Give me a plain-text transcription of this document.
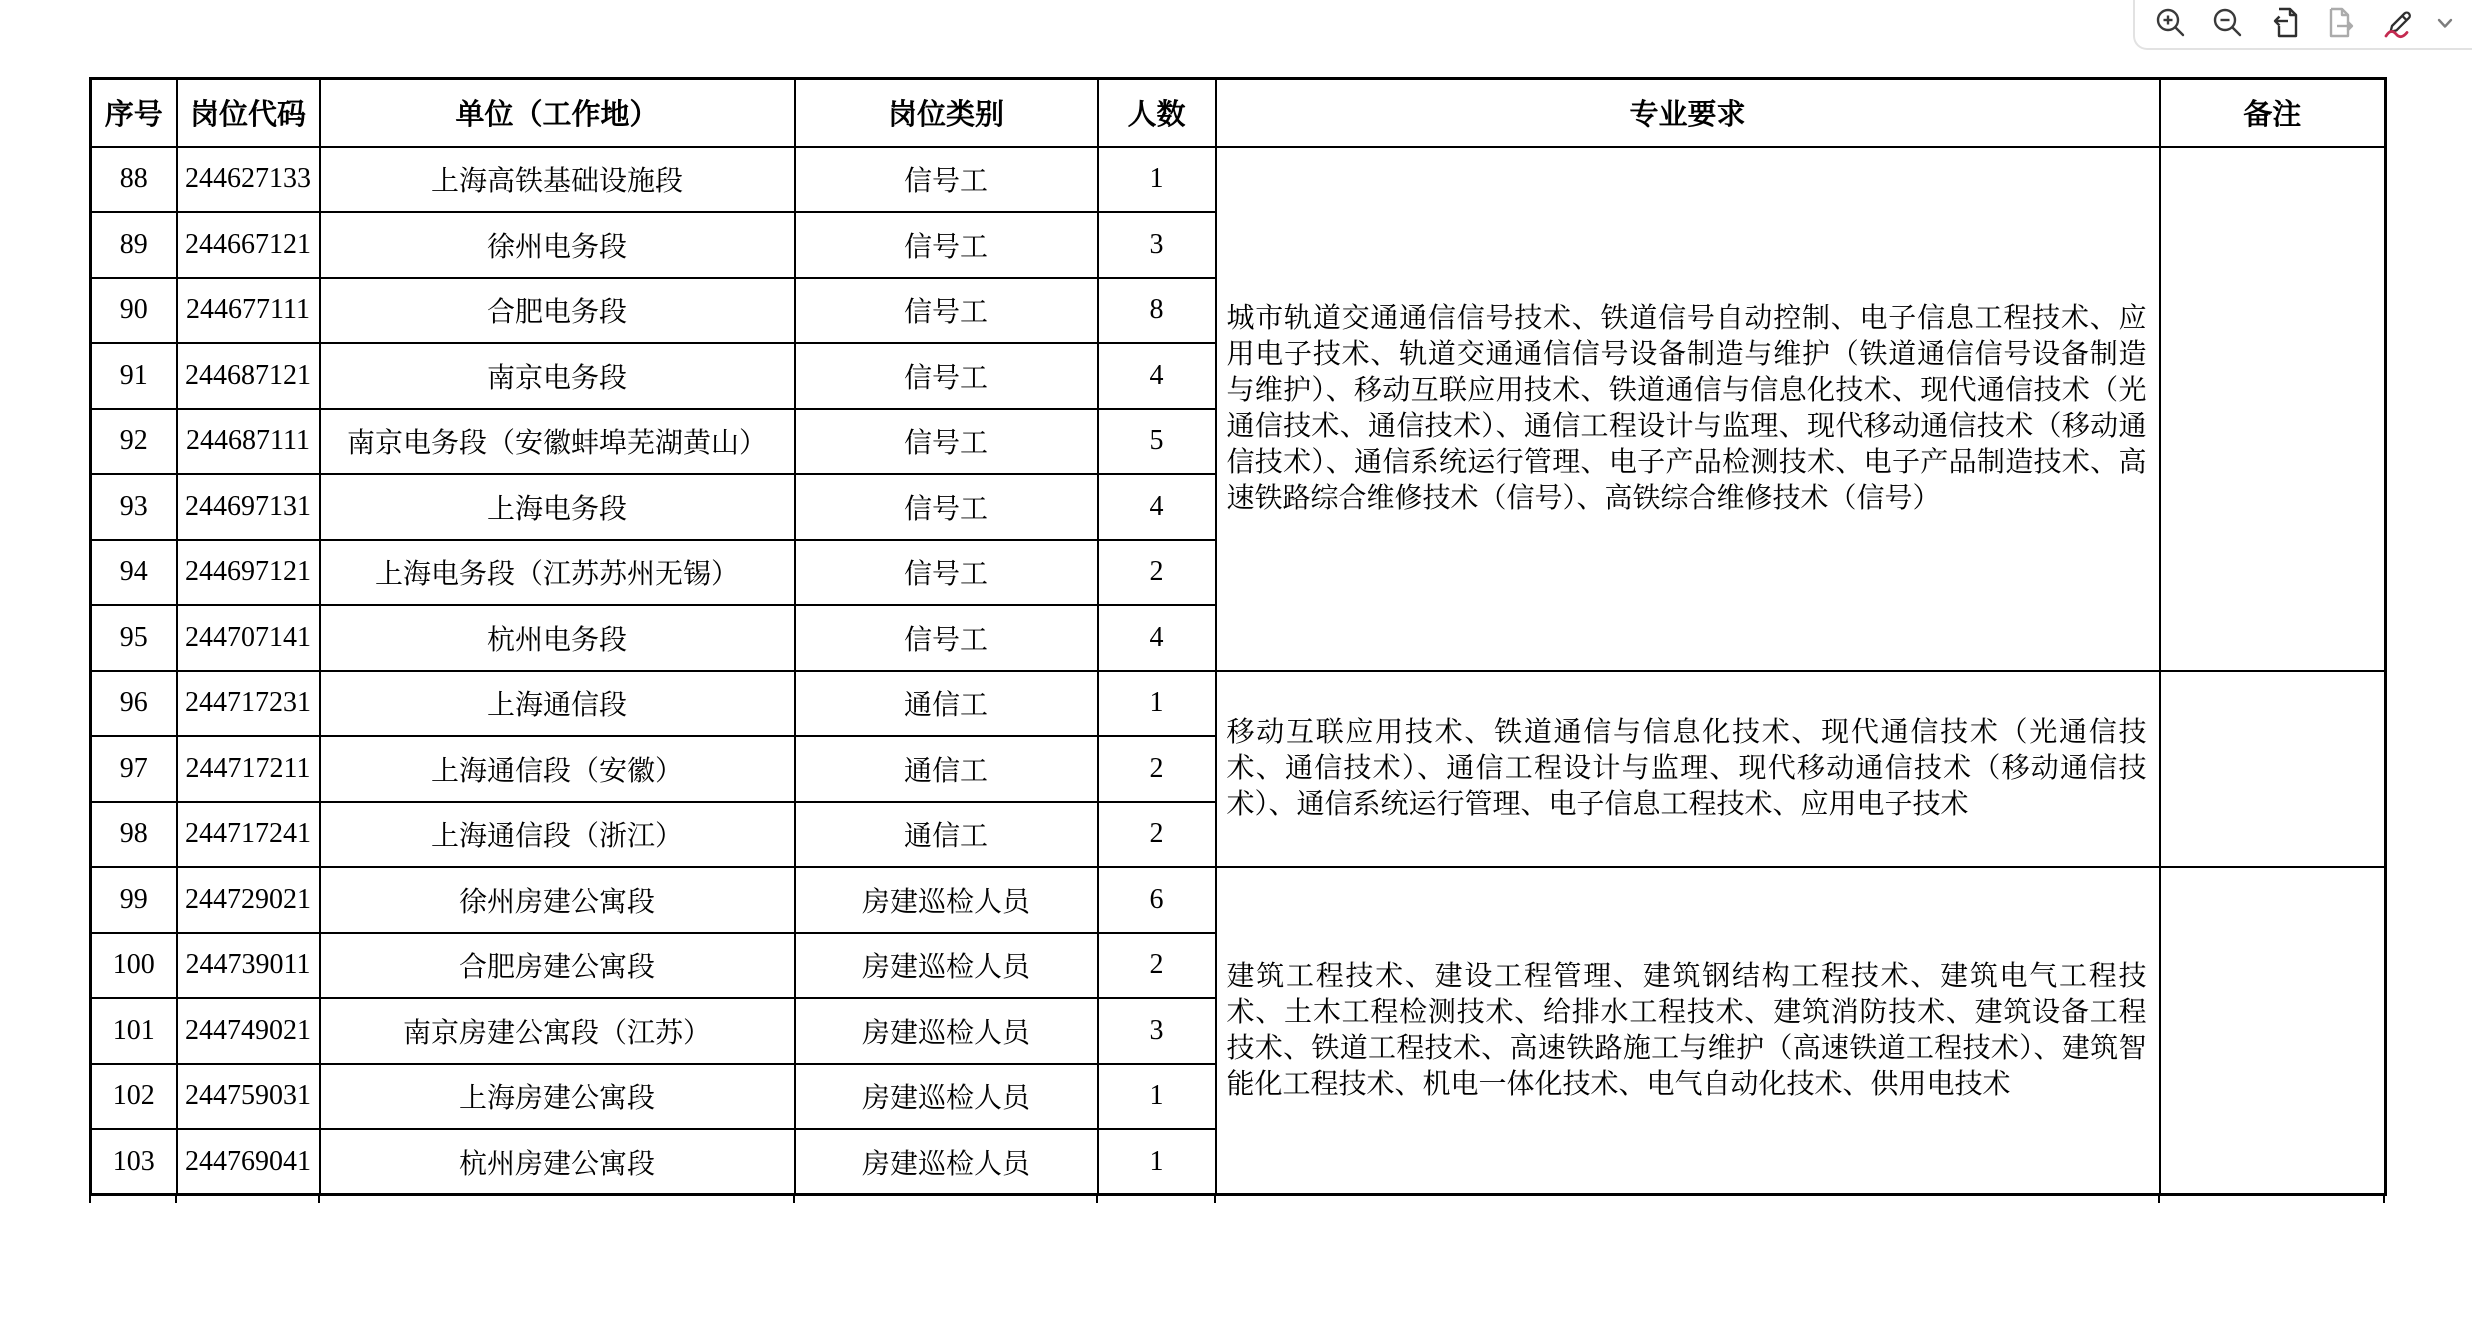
序号	岗位代码	单位（工作地）	岗位类别	人数	专业要求	备注
88	244627133	上海高铁基础设施段	信号工	1	城市轨道交通通信信号技术、铁道信号自动控制、电子信息工程技术、应用电子技术、轨道交通通信信号设备制造与维护（铁道通信信号设备制造与维护）、移动互联应用技术、铁道通信与信息化技术、现代通信技术（光通信技术、通信技术）、通信工程设计与监理、现代移动通信技术（移动通信技术）、通信系统运行管理、电子产品检测技术、电子产品制造技术、高速铁路综合维修技术（信号）、高铁综合维修技术（信号）	
89	244667121	徐州电务段	信号工	3		
90	244677111	合肥电务段	信号工	8		
91	244687121	南京电务段	信号工	4		
92	244687111	南京电务段（安徽蚌埠芜湖黄山）	信号工	5		
93	244697131	上海电务段	信号工	4		
94	244697121	上海电务段（江苏苏州无锡）	信号工	2		
95	244707141	杭州电务段	信号工	4		
96	244717231	上海通信段	通信工	1	移动互联应用技术、铁道通信与信息化技术、现代通信技术（光通信技术、通信技术）、通信工程设计与监理、现代移动通信技术（移动通信技术）、通信系统运行管理、电子信息工程技术、应用电子技术	
97	244717211	上海通信段（安徽）	通信工	2		
98	244717241	上海通信段（浙江）	通信工	2		
99	244729021	徐州房建公寓段	房建巡检人员	6	建筑工程技术、建设工程管理、建筑钢结构工程技术、建筑电气工程技术、土木工程检测技术、给排水工程技术、建筑消防技术、建筑设备工程技术、铁道工程技术、高速铁路施工与维护（高速铁道工程技术）、建筑智能化工程技术、机电一体化技术、电气自动化技术、供用电技术	
100	244739011	合肥房建公寓段	房建巡检人员	2		
101	244749021	南京房建公寓段（江苏）	房建巡检人员	3		
102	244759031	上海房建公寓段	房建巡检人员	1		
103	244769041	杭州房建公寓段	房建巡检人员	1		
